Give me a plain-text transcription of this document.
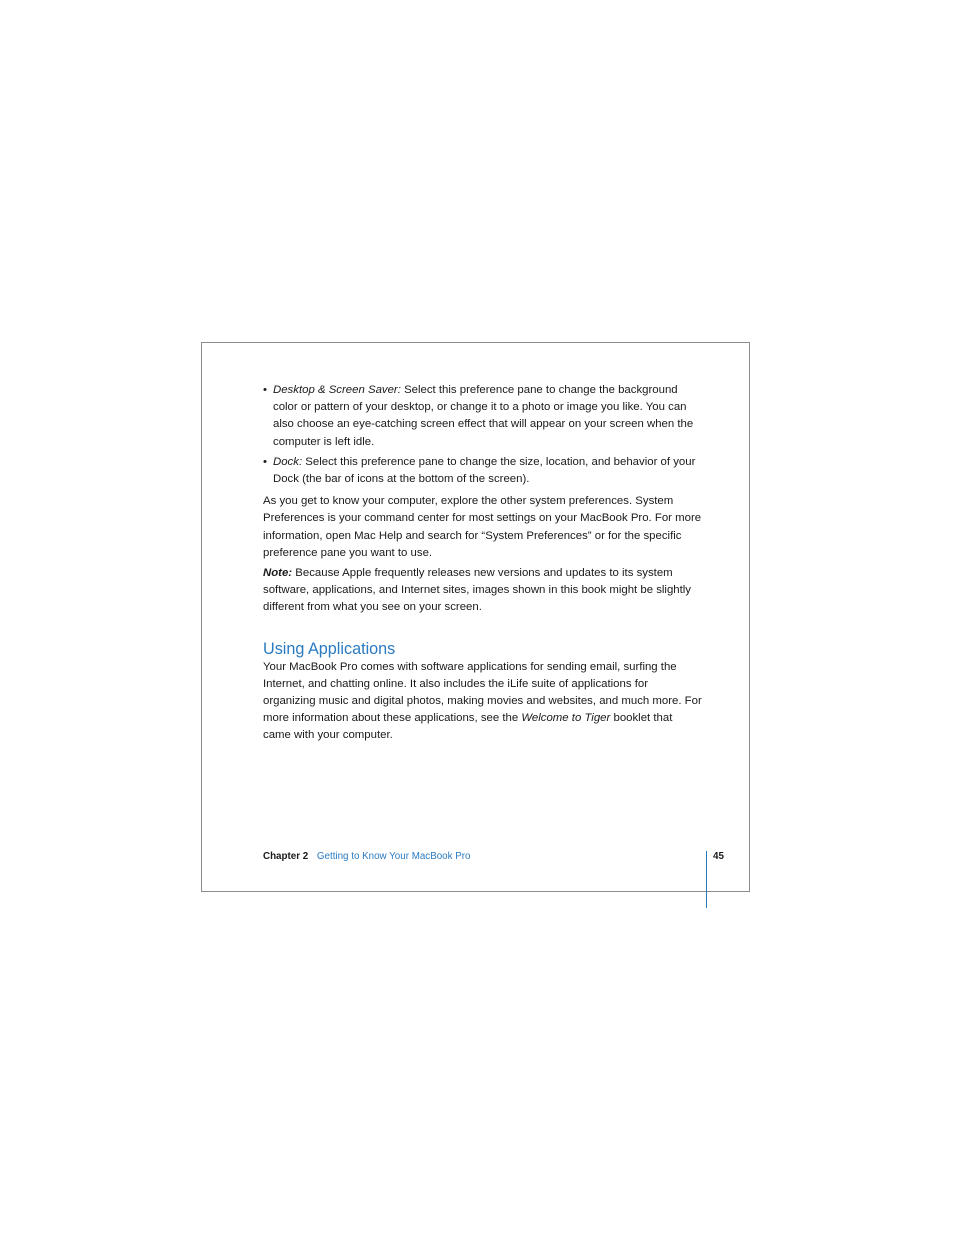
• Desktop & Screen Saver: Select this preference pane to change the background color or pattern of your desktop, or change it to a photo or image you like. You can also choose an eye-catching screen effect that will appear on your screen when the computer is left idle.
• Dock: Select this preference pane to change the size, location, and behavior of your Dock (the bar of icons at the bottom of the screen).

As you get to know your computer, explore the other system preferences. System Preferences is your command center for most settings on your MacBook Pro. For more information, open Mac Help and search for “System Preferences” or for the specific preference pane you want to use.

Note: Because Apple frequently releases new versions and updates to its system software, applications, and Internet sites, images shown in this book might be slightly different from what you see on your screen.

Using Applications

Your MacBook Pro comes with software applications for sending email, surfing the Internet, and chatting online. It also includes the iLife suite of applications for organizing music and digital photos, making movies and websites, and much more. For more information about these applications, see the Welcome to Tiger booklet that came with your computer.

Chapter 2 Getting to Know Your MacBook Pro	45
